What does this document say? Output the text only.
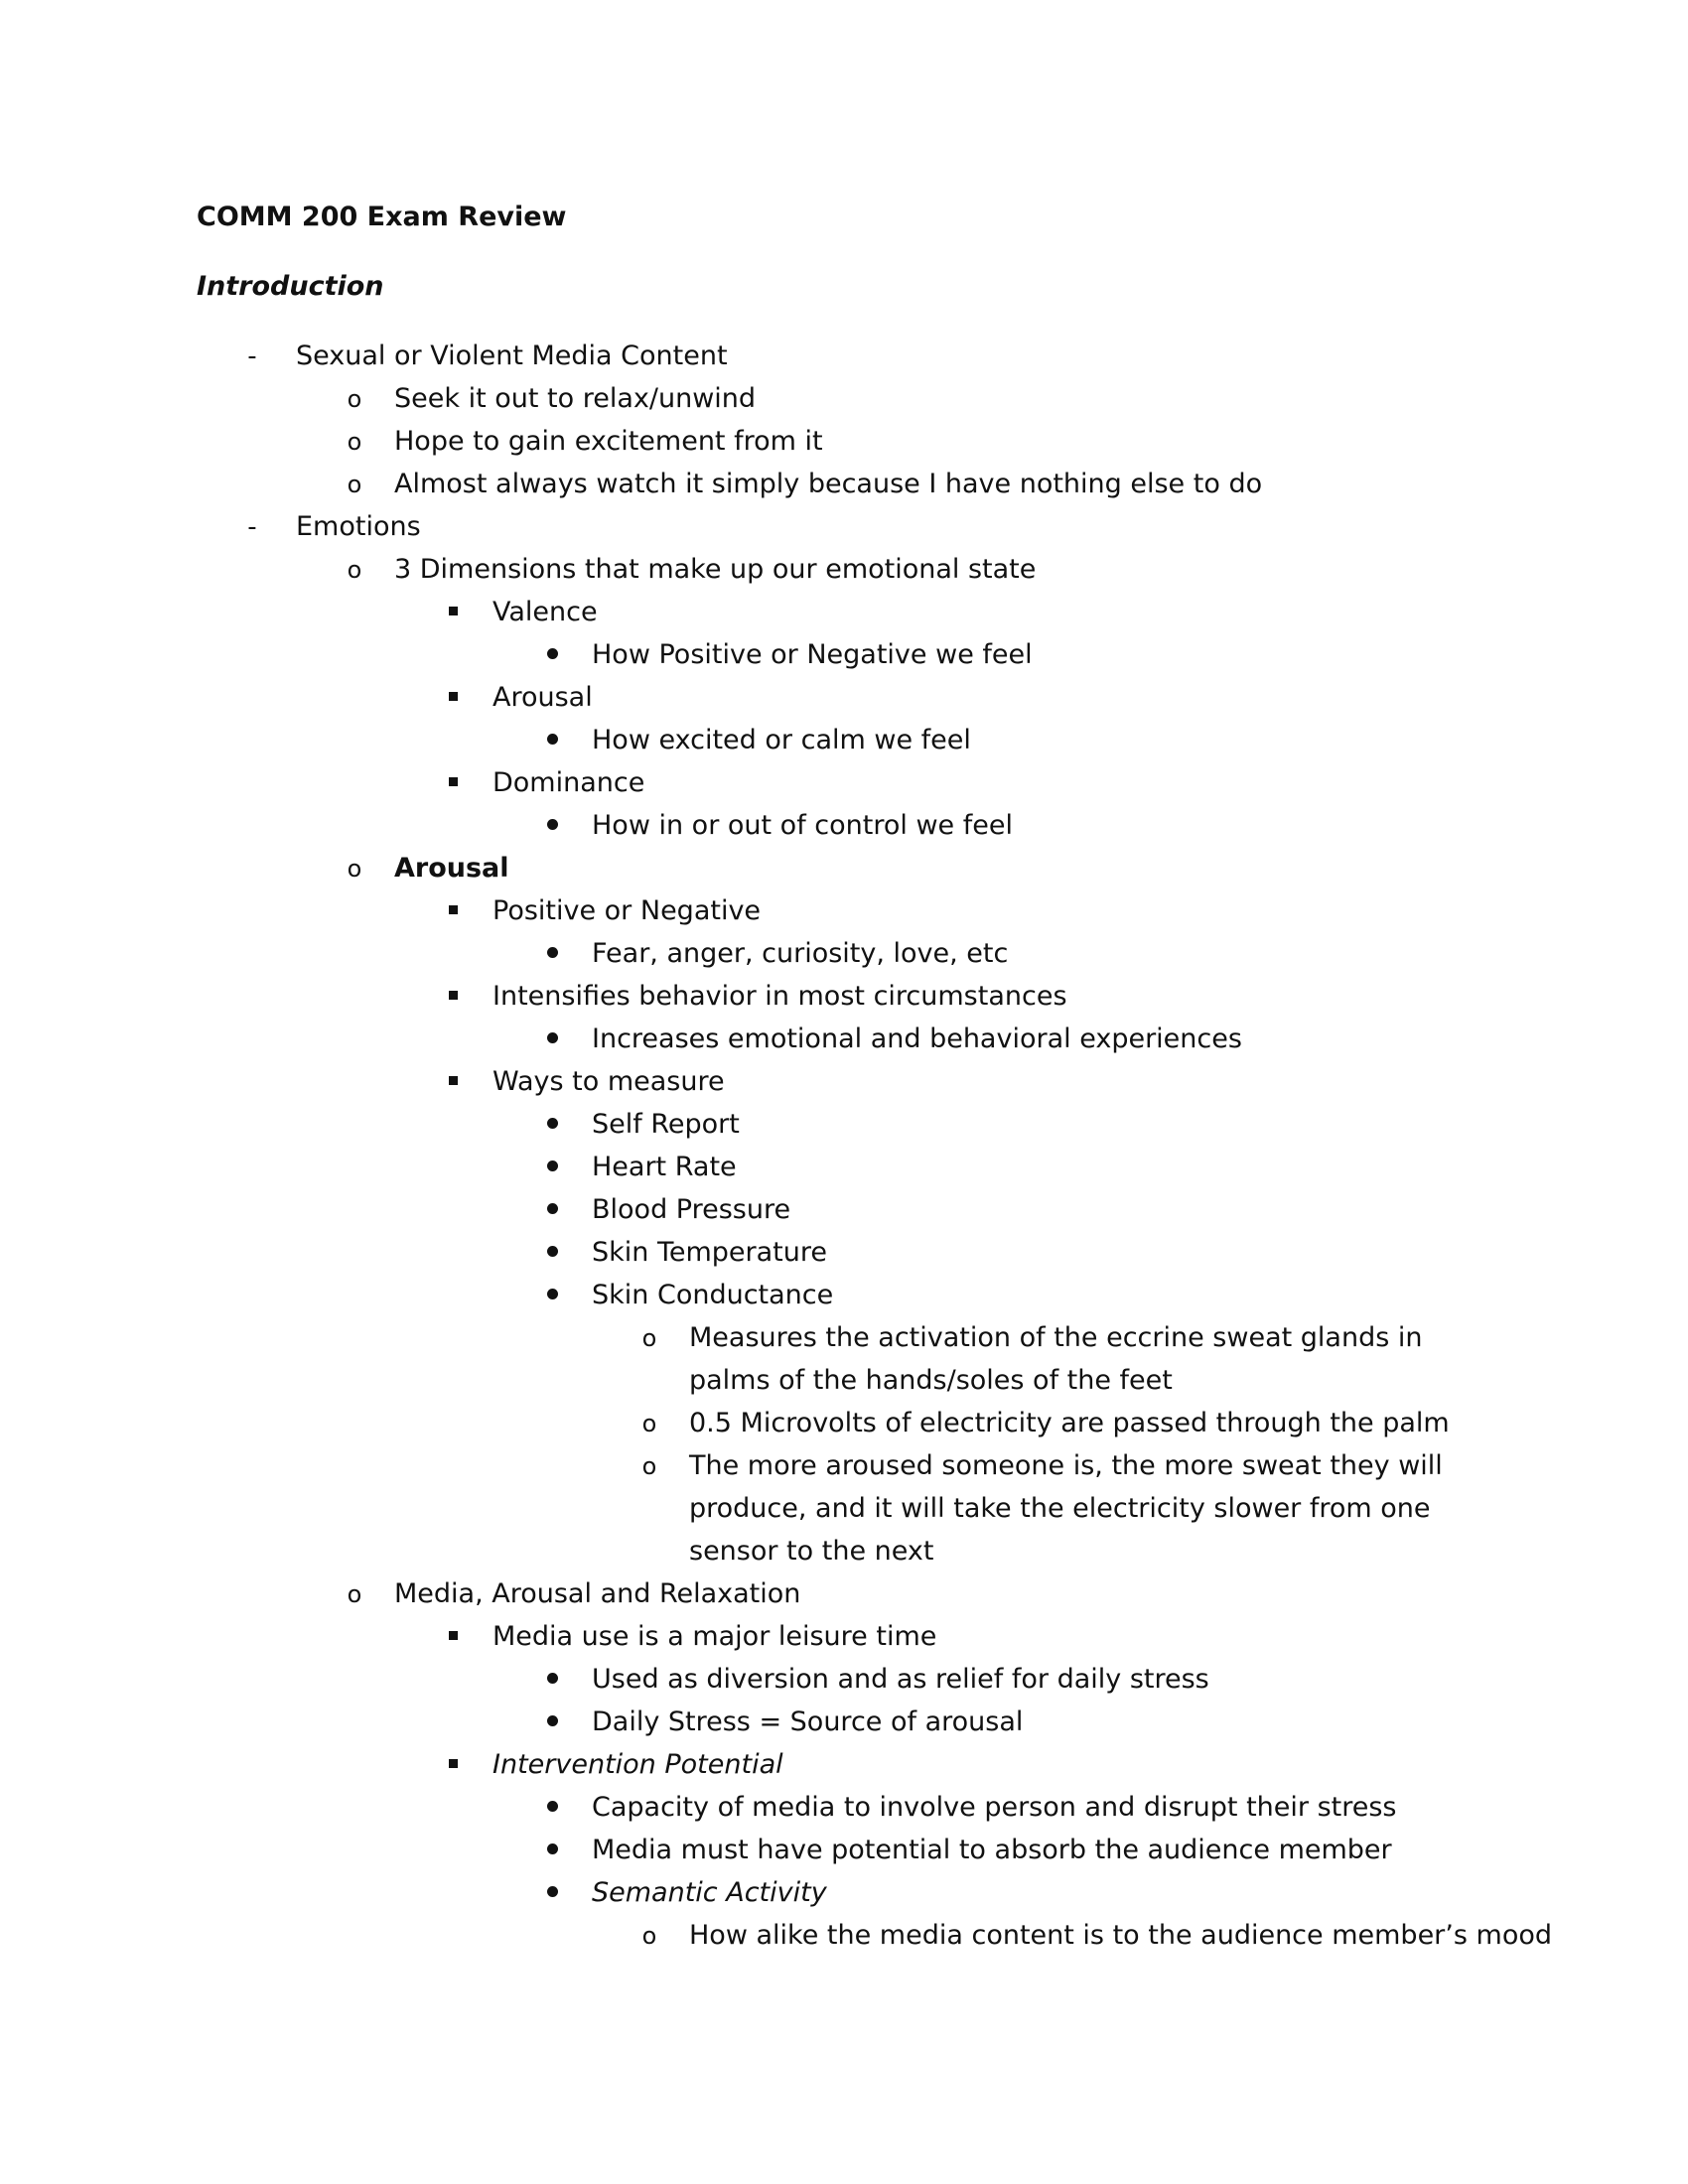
COMM 200 Exam Review
Introduction
-
Sexual or Violent Media Content
o
Seek it out to relax/unwind
o
Hope to gain excitement from it
o
Almost always watch it simply because I have nothing else to do
-
Emotions
o
3 Dimensions that make up our emotional state
Valence
How Positive or Negative we feel
Arousal
How excited or calm we feel
Dominance
How in or out of control we feel
o
Arousal
Positive or Negative
Fear, anger, curiosity, love, etc
Intensifies behavior in most circumstances
Increases emotional and behavioral experiences
Ways to measure
Self Report
Heart Rate
Blood Pressure
Skin Temperature
Skin Conductance
o
Measures the activation of the eccrine sweat glands in palms of the hands/soles of the feet
o
0.5 Microvolts of electricity are passed through the palm
o
The more aroused someone is, the more sweat they will produce, and it will take the electricity slower from one sensor to the next
o
Media, Arousal and Relaxation
Media use is a major leisure time
Used as diversion and as relief for daily stress
Daily Stress = Source of arousal
Intervention Potential
Capacity of media to involve person and disrupt their stress
Media must have potential to absorb the audience member
Semantic Activity
o
How alike the media content is to the audience member’s mood
